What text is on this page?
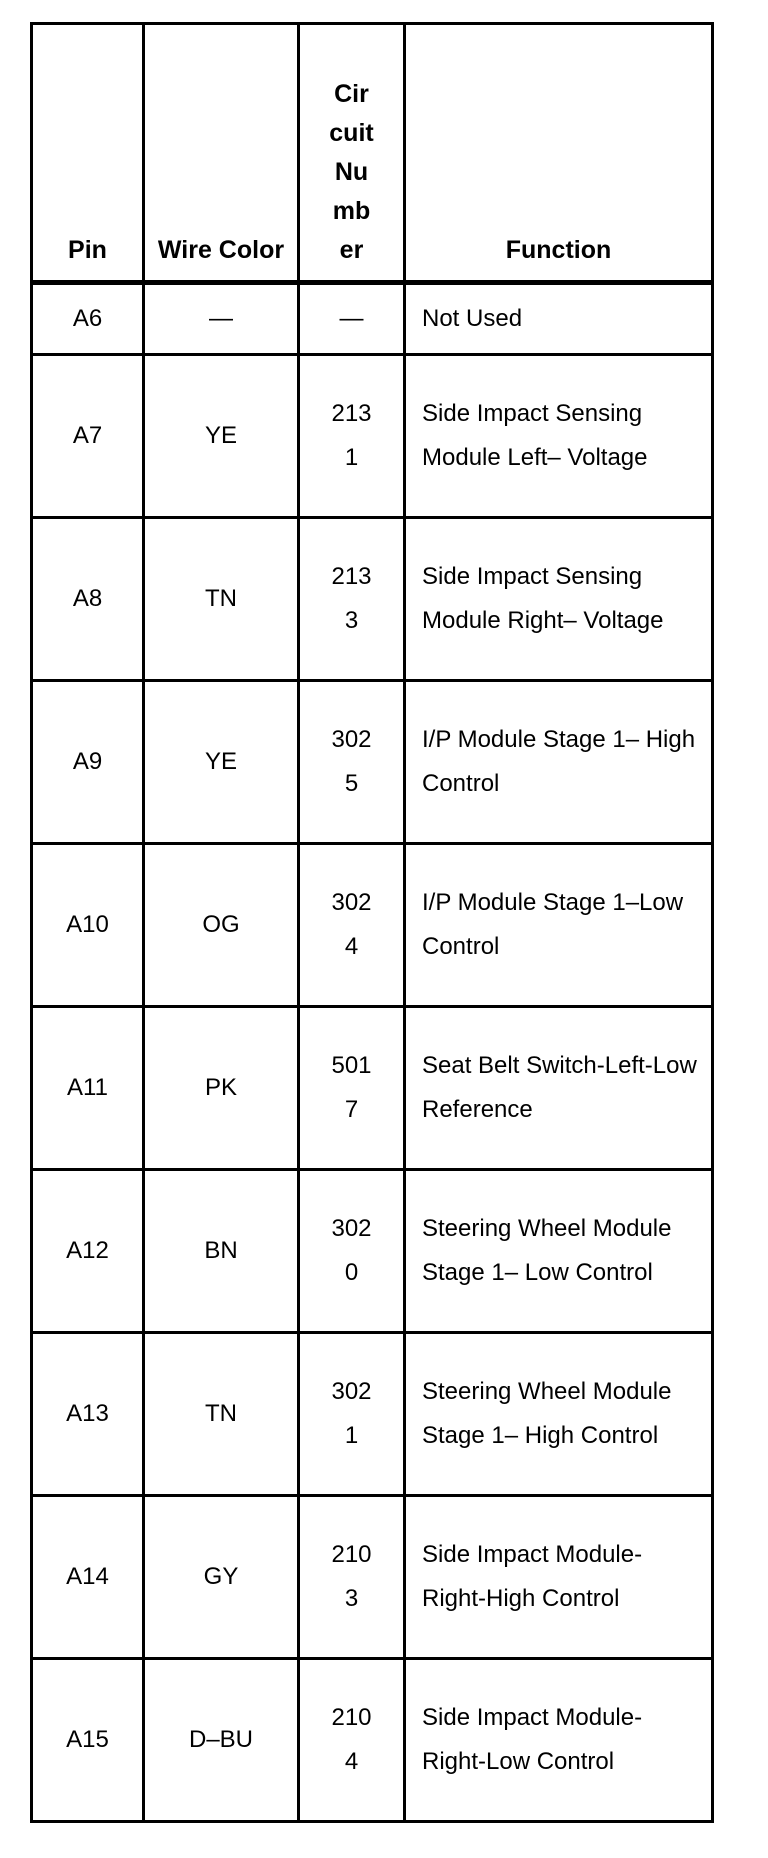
Pin	Wire Color	Circuit Number	Function
A6	—	—	Not Used
A7	YE	2131	Side Impact Sensing Module Left– Voltage
A8	TN	2133	Side Impact Sensing Module Right– Voltage
A9	YE	3025	I/P Module Stage 1– High Control
A10	OG	3024	I/P Module Stage 1–Low Control
A11	PK	5017	Seat Belt Switch-Left-Low Reference
A12	BN	3020	Steering Wheel Module Stage 1– Low Control
A13	TN	3021	Steering Wheel Module Stage 1– High Control
A14	GY	2103	Side Impact Module-Right-High Control
A15	D–BU	2104	Side Impact Module-Right-Low Control
